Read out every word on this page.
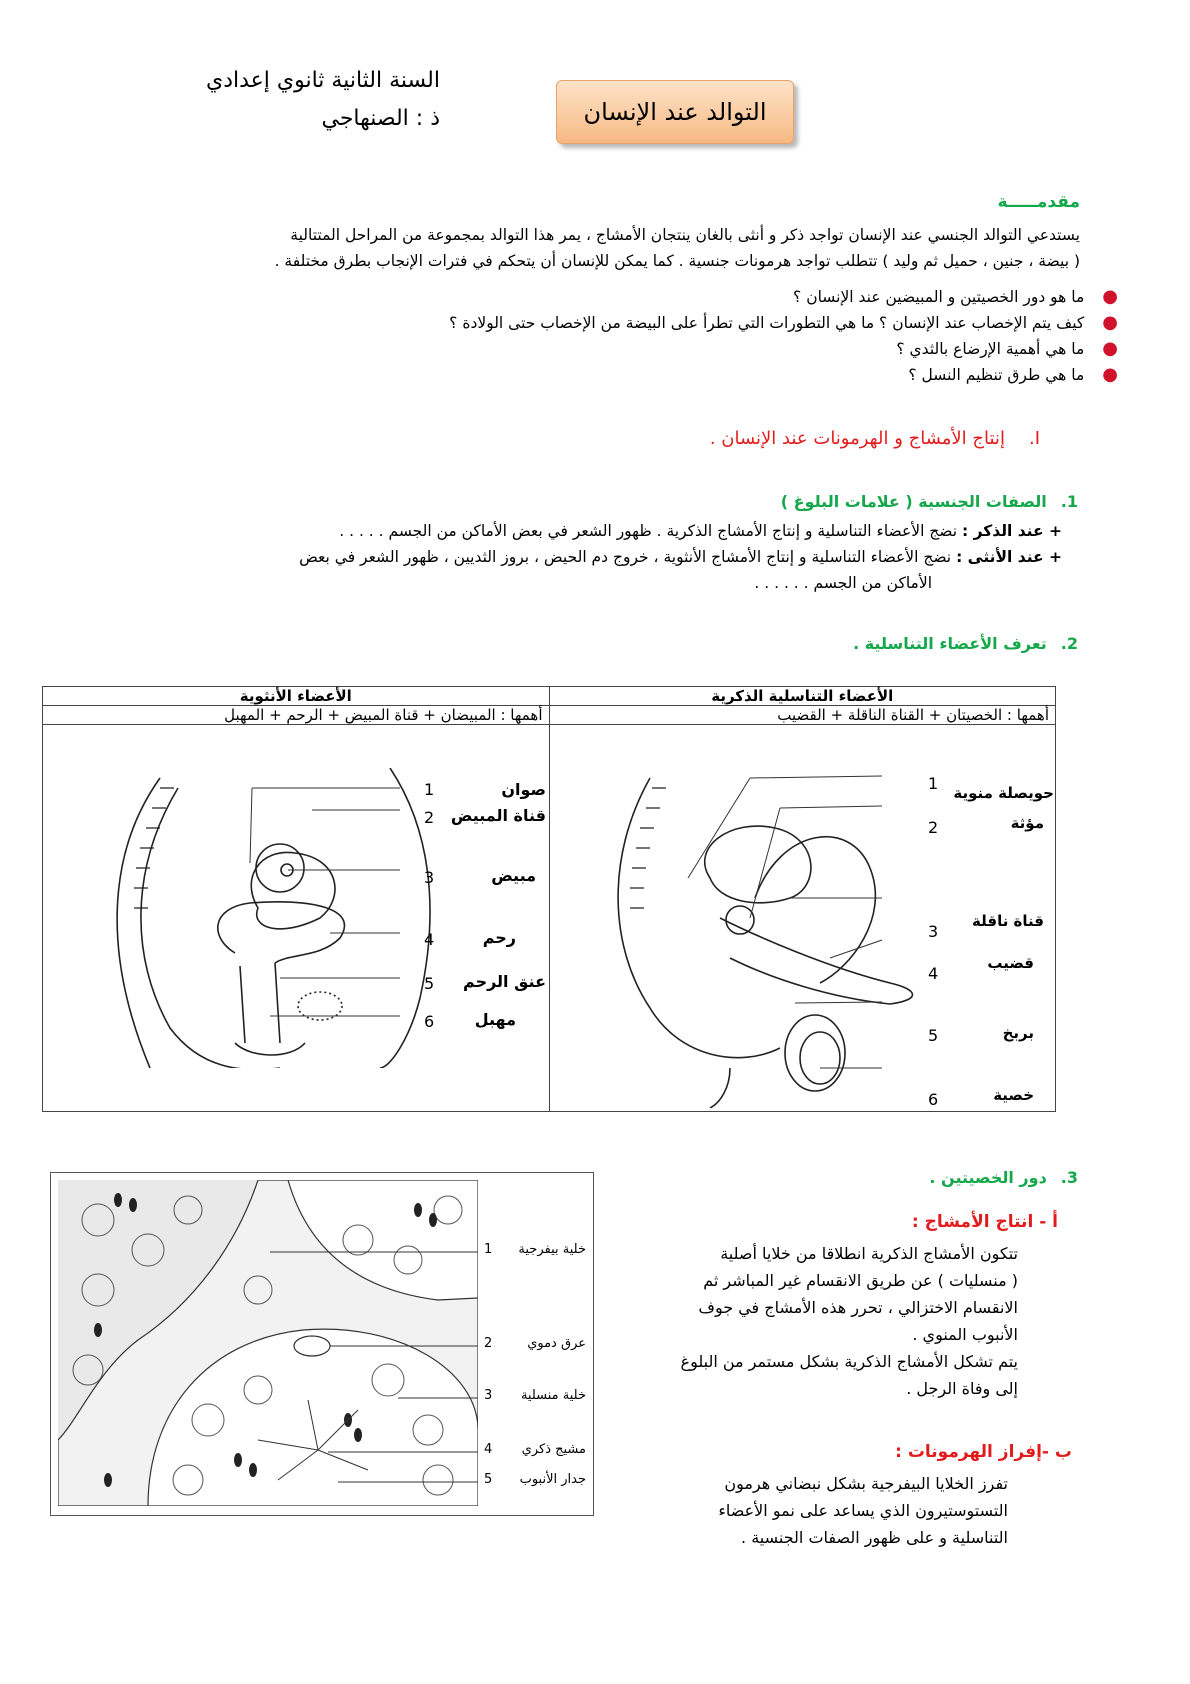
السنة الثانية ثانوي إعدادي
ذ : الصنهاجي	التوالد عند الإنسان
مقدمـــــة
يستدعي التوالد الجنسي عند الإنسان تواجد ذكر و أنثى بالغان ينتجان الأمشاج ، يمر هذا التوالد بمجموعة من المراحل المتتالية
( بيضة ، جنين ، حميل ثم وليد ) تتطلب تواجد هرمونات جنسية . كما يمكن للإنسان أن يتحكم في فترات الإنجاب بطرق مختلفة .
●ما هو دور الخصيتين و المبيضين عند الإنسان ؟
●كيف يتم الإخصاب عند الإنسان ؟ ما هي التطورات التي تطرأ على البيضة من الإخصاب حتى الولادة ؟
●ما هي أهمية الإرضاع بالثدي ؟
●ما هي طرق تنظيم النسل ؟
I.إنتاج الأمشاج و الهرمونات عند الإنسان .
1.الصفات الجنسية ( علامات البلوغ )
+ عند الذكر : نضج الأعضاء التناسلية و إنتاج الأمشاج الذكرية . ظهور الشعر في بعض الأماكن من الجسم . . . . .
+ عند الأنثى : نضج الأعضاء التناسلية و إنتاج الأمشاج الأنثوية ، خروج دم الحيض ، بروز الثديين ، ظهور الشعر في بعض
الأماكن من الجسم . . . . . .
2.تعرف الأعضاء التناسلية .
الأعضاء الأنثوية	الأعضاء التناسلية الذكرية
أهمها : المبيضان + قناة المبيض + الرحم + المهبل	أهمها : الخصيتان + القناة الناقلة + القضيب

1
2
3
4
5
6
صوان
قناة المبيض
مبيض
رحم
عنق الرحم
مهبل
1
2
3
4
5
6
حويصلة منوية
مؤثة
قناة ناقلة
قضيب
بربخ
خصية
3.دور الخصيتين .
1
2
3
4
5
خلية بيفرجية
عرق دموي
خلية منسلية
مشيج ذكري
جدار الأنبوب
أ - انتاج الأمشاج :
تتكون الأمشاج الذكرية انطلاقا من خلايا أصلية
( منسليات ) عن طريق الانقسام غير المباشر ثم
الانقسام الاختزالي ، تحرر هذه الأمشاج في جوف
الأنبوب المنوي .
يتم تشكل الأمشاج الذكرية بشكل مستمر من البلوغ
إلى وفاة الرجل .
ب -إفراز الهرمونات :
تفرز الخلايا البيفرجية بشكل نبضاني هرمون
التستوستيرون الذي يساعد على نمو الأعضاء
التناسلية و على ظهور الصفات الجنسية .
